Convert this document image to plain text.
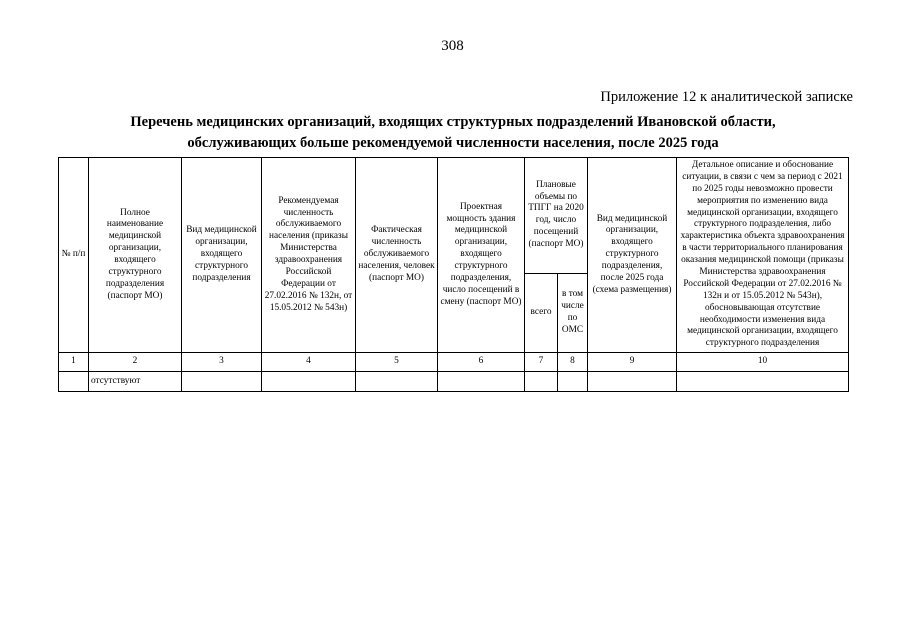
308
Приложение 12 к аналитической записке
Перечень медицинских организаций, входящих структурных подразделений Ивановской области,
обслуживающих больше рекомендуемой численности населения, после 2025 года
№ п/п	Полное наименование медицинской организации, входящего структурного подразделения (паспорт МО)	Вид медицинской организации, входящего структурного подразделения	Рекомендуемая численность обслуживаемого населения (приказы Министерства здравоохранения Российской Федерации от 27.02.2016 № 132н, от 15.05.2012 № 543н)	Фактическая численность обслуживаемого населения, человек (паспорт МО)	Проектная мощность здания медицинской организации, входящего структурного подразделения, число посещений в смену (паспорт МО)	Плановые объемы по ТПГГ на 2020 год, число посещений (паспорт МО)		Вид медицинской организации, входящего структурного подразделения, после 2025 года (схема размещения)	Детальное описание и обоснование ситуации, в связи с чем за период с 2021 по 2025 годы невозможно провести мероприятия по изменению вида медицинской организации, входящего структурного подразделения, либо характеристика объекта здравоохранения в части территориального планирования оказания медицинской помощи (приказы Министерства здравоохранения Российской Федерации от 27.02.2016 № 132н и от 15.05.2012 № 543н), обосновывающая отсутствие необходимости изменения вида медицинской организации, входящего структурного подразделения
						всего	в том числе по ОМС		
1	2	3	4	5	6	7	8	9	10
	отсутствуют								
